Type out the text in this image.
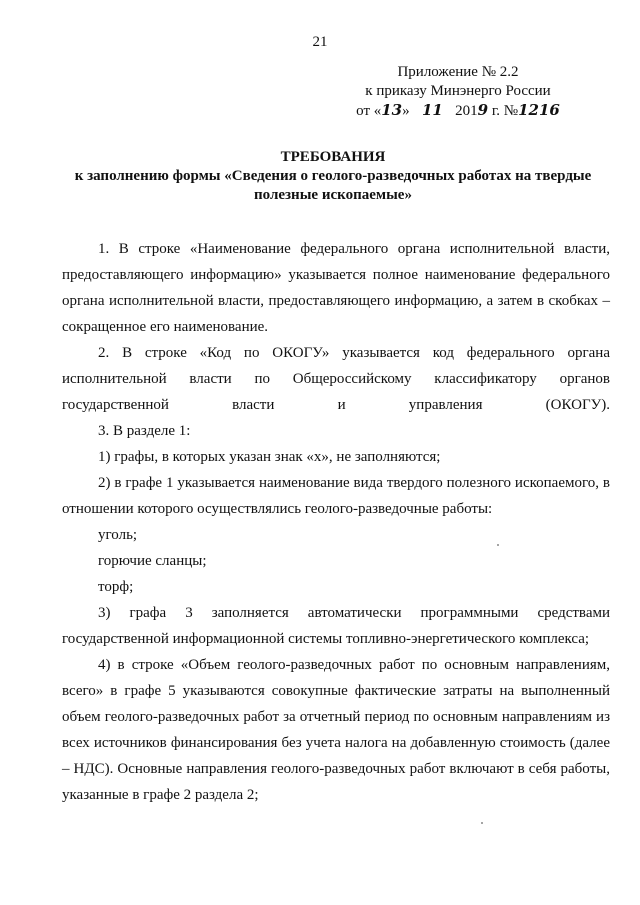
21
Приложение № 2.2
к приказу Минэнерго России
от «13» 11 2019 г. №1216
ТРЕБОВАНИЯ
к заполнению формы «Сведения о геолого-разведочных работах на твердые полезные ископаемые»

1. В строке «Наименование федерального органа исполнительной власти, предоставляющего информацию» указывается полное наименование федерального органа исполнительной власти, предоставляющего информацию, а затем в скобках – сокращенное его наименование.

2. В строке «Код по ОКОГУ» указывается код федерального органа исполнительной власти по Общероссийскому классификатору органов государственной власти и управления (ОКОГУ).

3. В разделе 1:

1) графы, в которых указан знак «х», не заполняются;

2) в графе 1 указывается наименование вида твердого полезного ископаемого, в отношении которого осуществлялись геолого-разведочные работы:

уголь;

горючие сланцы;

торф;

3) графа 3 заполняется автоматически программными средствами государственной информационной системы топливно-энергетического комплекса;

4) в строке «Объем геолого-разведочных работ по основным направлениям, всего» в графе 5 указываются совокупные фактические затраты на выполненный объем геолого-разведочных работ за отчетный период по основным направлениям из всех источников финансирования без учета налога на добавленную стоимость (далее – НДС). Основные направления геолого-разведочных работ включают в себя работы, указанные в графе 2 раздела 2;
